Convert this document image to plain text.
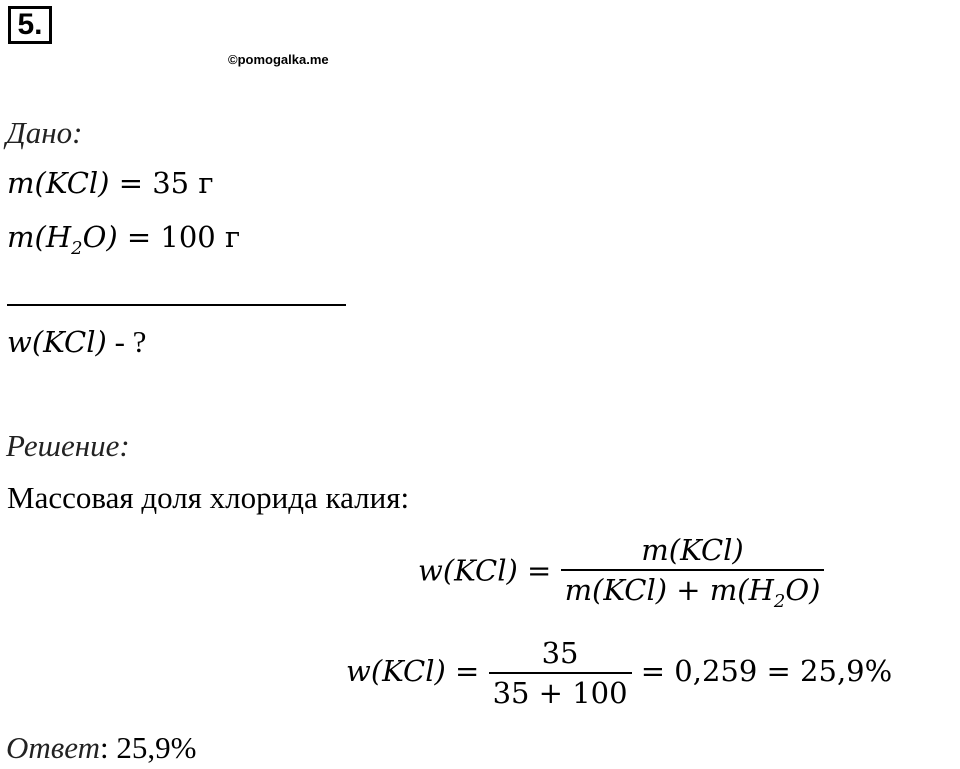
5.
©pomogalka.me
Дано:
m(KCl) = 35 г
$m(H_2O) = 100$ г
w(KCl) - ?
Решение:
Массовая доля хлорида калия:
$w(KCl) = \frac{\text{m(KCl)}}{m(KCl) + m(H_2O)}$
$w(KCl) = \frac{35}{35 + 100} = 0,259 = 25,9\%$
Ответ: 25,9%
